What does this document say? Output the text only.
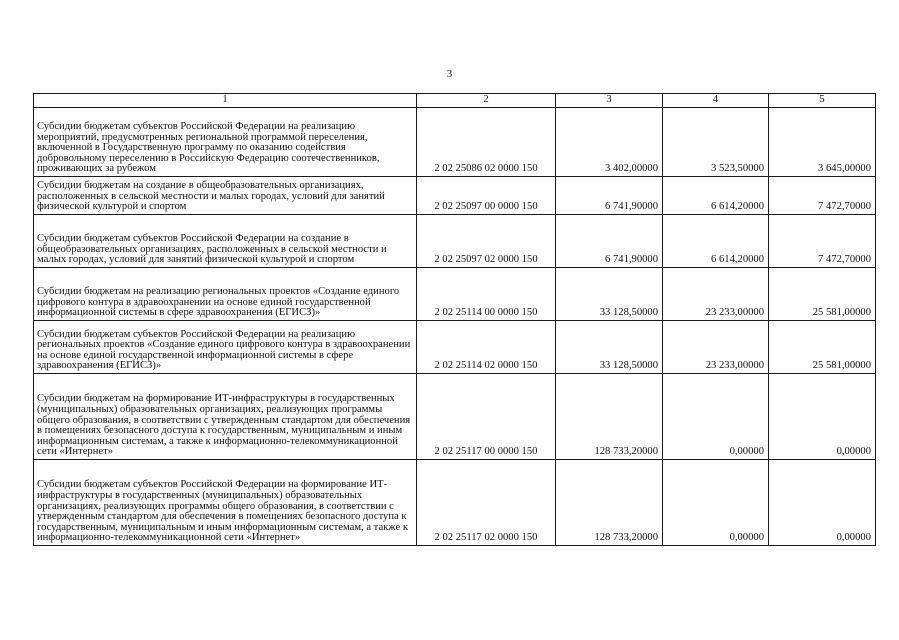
3
1	2	3	4	5
Субсидии бюджетам субъектов Российской Федерации на реализацию мероприятий, предусмотренных региональной программой переселения, включенной в Государственную программу по оказанию содействия добровольному переселению в Российскую Федерацию соотечественников, проживающих за рубежом	2 02 25086 02 0000 150	3 402,00000	3 523,50000	3 645,00000
Субсидии бюджетам на создание в общеобразовательных организациях, расположенных в сельской местности и малых городах, условий для занятий физической культурой и спортом	2 02 25097 00 0000 150	6 741,90000	6 614,20000	7 472,70000
Субсидии бюджетам субъектов Российской Федерации на создание в общеобразовательных организациях, расположенных в сельской местности и малых городах, условий для занятий физической культурой и спортом	2 02 25097 02 0000 150	6 741,90000	6 614,20000	7 472,70000
Субсидии бюджетам на реализацию региональных проектов «Создание единого цифрового контура в здравоохранении на основе единой государственной информационной системы в сфере здравоохранения (ЕГИСЗ)»	2 02 25114 00 0000 150	33 128,50000	23 233,00000	25 581,00000
Субсидии бюджетам субъектов Российской Федерации на реализацию региональных проектов «Создание единого цифрового контура в здравоохранении на основе единой государственной информационной системы в сфере здравоохранения (ЕГИСЗ)»	2 02 25114 02 0000 150	33 128,50000	23 233,00000	25 581,00000
Субсидии бюджетам на формирование ИТ-инфраструктуры в государственных (муниципальных) образовательных организациях, реализующих программы общего образования, в соответствии с утвержденным стандартом для обеспечения в помещениях безопасного доступа к государственным, муниципальным и иным информационным системам, а также к информационно-телекоммуникационной сети «Интернет»	2 02 25117 00 0000 150	128 733,20000	0,00000	0,00000
Субсидии бюджетам субъектов Российской Федерации на формирование ИТ-инфраструктуры в государственных (муниципальных) образовательных организациях, реализующих программы общего образования, в соответствии с утвержденным стандартом для обеспечения в помещениях безопасного доступа к государственным, муниципальным и иным информационным системам, а также к информационно-телекоммуникационной сети «Интернет»	2 02 25117 02 0000 150	128 733,20000	0,00000	0,00000
